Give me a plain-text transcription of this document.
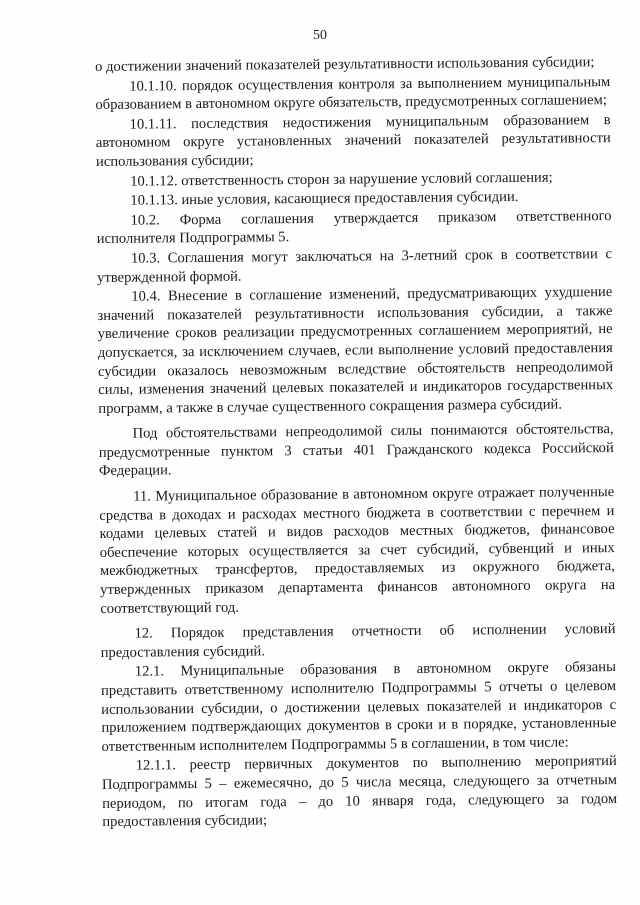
50

о достижении значений показателей результативности использования субсидии;

10.1.10. порядок осуществления контроля за выполнением муниципальным образованием в автономном округе обязательств, предусмотренных соглашением;

10.1.11. последствия недостижения муниципальным образованием в автономном округе установленных значений показателей результативности использования субсидии;

10.1.12. ответственность сторон за нарушение условий соглашения;

10.1.13. иные условия, касающиеся предоставления субсидии.

10.2. Форма соглашения утверждается приказом ответственного исполнителя Подпрограммы 5.

10.3. Соглашения могут заключаться на 3-летний срок в соответствии с утвержденной формой.

10.4. Внесение в соглашение изменений, предусматривающих ухудшение значений показателей результативности использования субсидии, а также увеличение сроков реализации предусмотренных соглашением мероприятий, не допускается, за исключением случаев, если выполнение условий предоставления субсидии оказалось невозможным вследствие обстоятельств непреодолимой силы, изменения значений целевых показателей и индикаторов государственных программ, а также в случае существенного сокращения размера субсидий.

Под обстоятельствами непреодолимой силы понимаются обстоятельства, предусмотренные пунктом 3 статьи 401 Гражданского кодекса Российской Федерации.

11. Муниципальное образование в автономном округе отражает полученные средства в доходах и расходах местного бюджета в соответствии с перечнем и кодами целевых статей и видов расходов местных бюджетов, финансовое обеспечение которых осуществляется за счет субсидий, субвенций и иных межбюджетных трансфертов, предоставляемых из окружного бюджета, утвержденных приказом департамента финансов автономного округа на соответствующий год.

12. Порядок представления отчетности об исполнении условий предоставления субсидий.

12.1. Муниципальные образования в автономном округе обязаны представить ответственному исполнителю Подпрограммы 5 отчеты о целевом использовании субсидии, о достижении целевых показателей и индикаторов с приложением подтверждающих документов в сроки и в порядке, установленные ответственным исполнителем Подпрограммы 5 в соглашении, в том числе:

12.1.1. реестр первичных документов по выполнению мероприятий Подпрограммы 5 – ежемесячно, до 5 числа месяца, следующего за отчетным периодом, по итогам года – до 10 января года, следующего за годом предоставления субсидии;
